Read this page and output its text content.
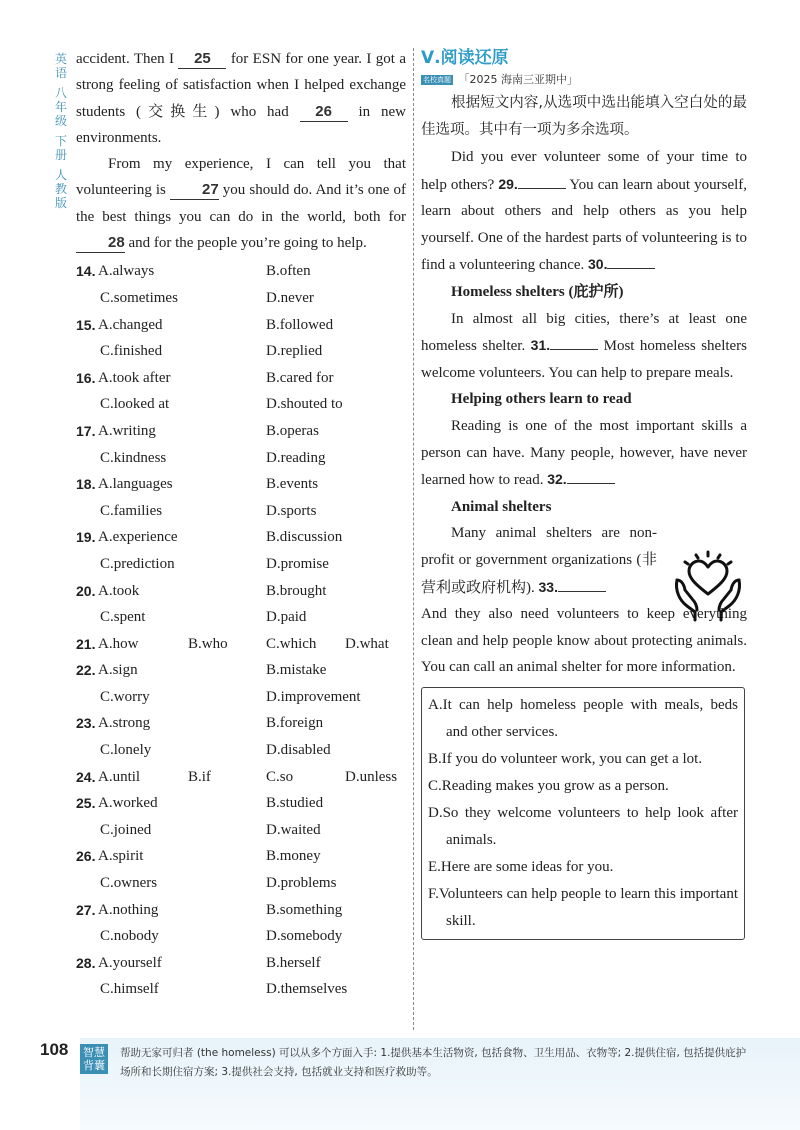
英语
八年级
下册
人教版

accident. Then I 25 for ESN for one year. I got a strong feeling of satisfaction when I helped exchange students (交换生) who had 26 in new environments.

From my experience, I can tell you that volunteering is 27 you should do. And it’s one of the best things you can do in the world, both for 28 and for the people you’re going to help.

14. A.always	B.often
C.sometimes	D.never
15. A.changed	B.followed
C.finished	D.replied
16. A.took after	B.cared for
C.looked at	D.shouted to
17. A.writing	B.operas
C.kindness	D.reading
18. A.languages	B.events
C.families	D.sports
19. A.experience	B.discussion
C.prediction	D.promise
20. A.took	B.brought
C.spent	D.paid
21. A.how	B.who	C.which D.what
22. A.sign	B.mistake
C.worry	D.improvement
23. A.strong	B.foreign
C.lonely	D.disabled
24. A.until	B.if	C.so	D.unless
25. A.worked	B.studied
C.joined	D.waited
26. A.spirit	B.money
C.owners	D.problems
27. A.nothing	B.something
C.nobody	D.somebody
28. A.yourself	B.herself
C.himself	D.themselves
Ⅴ.阅读还原
名校真题 「2025 海南三亚期中」

根据短文内容,从选项中选出能填入空白处的最佳选项。其中有一项为多余选项。

Did you ever volunteer some of your time to help others? 29.	You can learn about yourself, learn about others and help others as you help yourself. One of the hardest parts of volunteering is to find a volunteering chance. 30.

Homeless shelters (庇护所)

In almost all big cities, there’s at least one homeless shelter. 31.	Most homeless shelters welcome volunteers. You can help to prepare meals.

Helping others learn to read

Reading is one of the most important skills a person can have. Many people, however, have never learned how to read. 32.

Animal shelters

Many animal shelters are non-profit or government organizations (非营利或政府机构). 33.

And they also need volunteers to keep everything clean and help people know about protecting animals. You can call an animal shelter for more information.

A.It can help homeless people with meals, beds and other services.
B.If you do volunteer work, you can get a lot.
C.Reading makes you grow as a person.
D.So they welcome volunteers to help look after animals.
E.Here are some ideas for you.
F.Volunteers can help people to learn this important skill.
108 智慧背囊
帮助无家可归者 (the homeless) 可以从多个方面入手: 1.提供基本生活物资, 包括食物、卫生用品、衣物等; 2.提供住宿, 包括提供庇护场所和长期住宿方案; 3.提供社会支持, 包括就业支持和医疗救助等。
